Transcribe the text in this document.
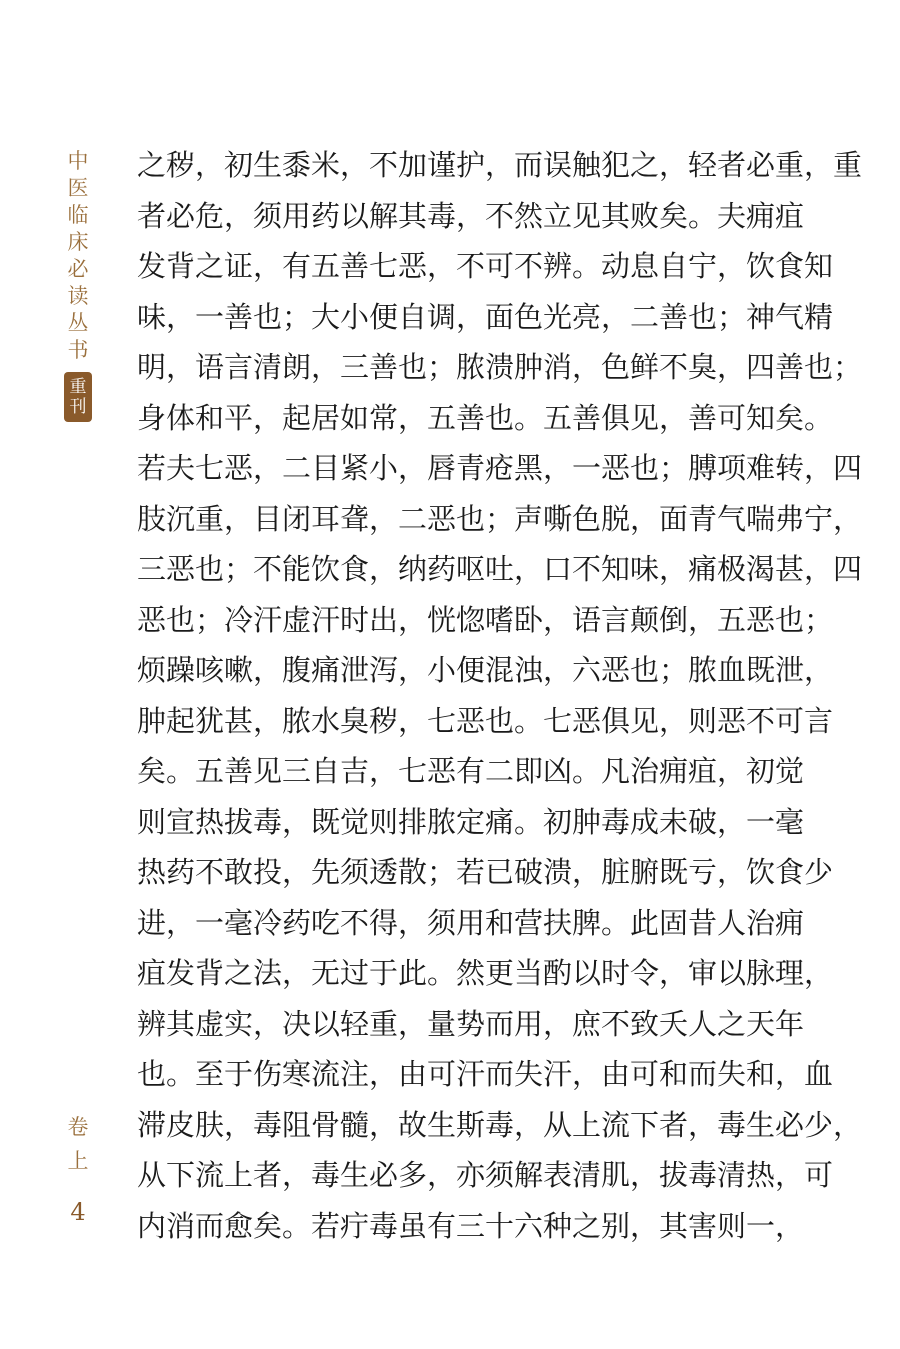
中
医
临
床
必
读
丛
书
重
刊
卷
上
4
之秽，初生黍米，不加谨护，而误触犯之，轻者必重，重
者必危，须用药以解其毒，不然立见其败矣。夫痈疽
发背之证，有五善七恶，不可不辨。动息自宁，饮食知
味，一善也；大小便自调，面色光亮，二善也；神气精
明，语言清朗，三善也；脓溃肿消，色鲜不臭，四善也；
身体和平，起居如常，五善也。五善俱见，善可知矣。
若夫七恶，二目紧小，唇青疮黑，一恶也；膊项难转，四
肢沉重，目闭耳聋，二恶也；声嘶色脱，面青气喘弗宁，
三恶也；不能饮食，纳药呕吐，口不知味，痛极渴甚，四
恶也；冷汗虚汗时出，恍惚嗜卧，语言颠倒，五恶也；
烦躁咳嗽，腹痛泄泻，小便混浊，六恶也；脓血既泄，
肿起犹甚，脓水臭秽，七恶也。七恶俱见，则恶不可言
矣。五善见三自吉，七恶有二即凶。凡治痈疽，初觉
则宣热拔毒，既觉则排脓定痛。初肿毒成未破，一毫
热药不敢投，先须透散；若已破溃，脏腑既亏，饮食少
进，一毫冷药吃不得，须用和营扶脾。此固昔人治痈
疽发背之法，无过于此。然更当酌以时令，审以脉理，
辨其虚实，决以轻重，量势而用，庶不致夭人之天年
也。至于伤寒流注，由可汗而失汗，由可和而失和，血
滞皮肤，毒阻骨髓，故生斯毒，从上流下者，毒生必少，
从下流上者，毒生必多，亦须解表清肌，拔毒清热，可
内消而愈矣。若疔毒虽有三十六种之别，其害则一，
